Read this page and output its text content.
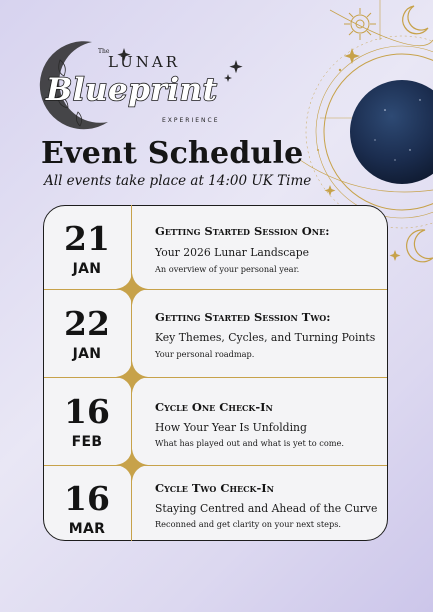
The
LUNAR
Blueprint
EXPERIENCE
Event Schedule
All events take place at 14:00 UK Time
21
JAN
Getting Started Session One:
Your 2026 Lunar Landscape
An overview of your personal year.
22
JAN
Getting Started Session Two:
Key Themes, Cycles, and Turning Points
Your personal roadmap.
16
FEB
Cycle One Check-In
How Your Year Is Unfolding
What has played out and what is yet to come.
16
MAR
Cycle Two Check-In
Staying Centred and Ahead of the Curve
Reconned and get clarity on your next steps.
